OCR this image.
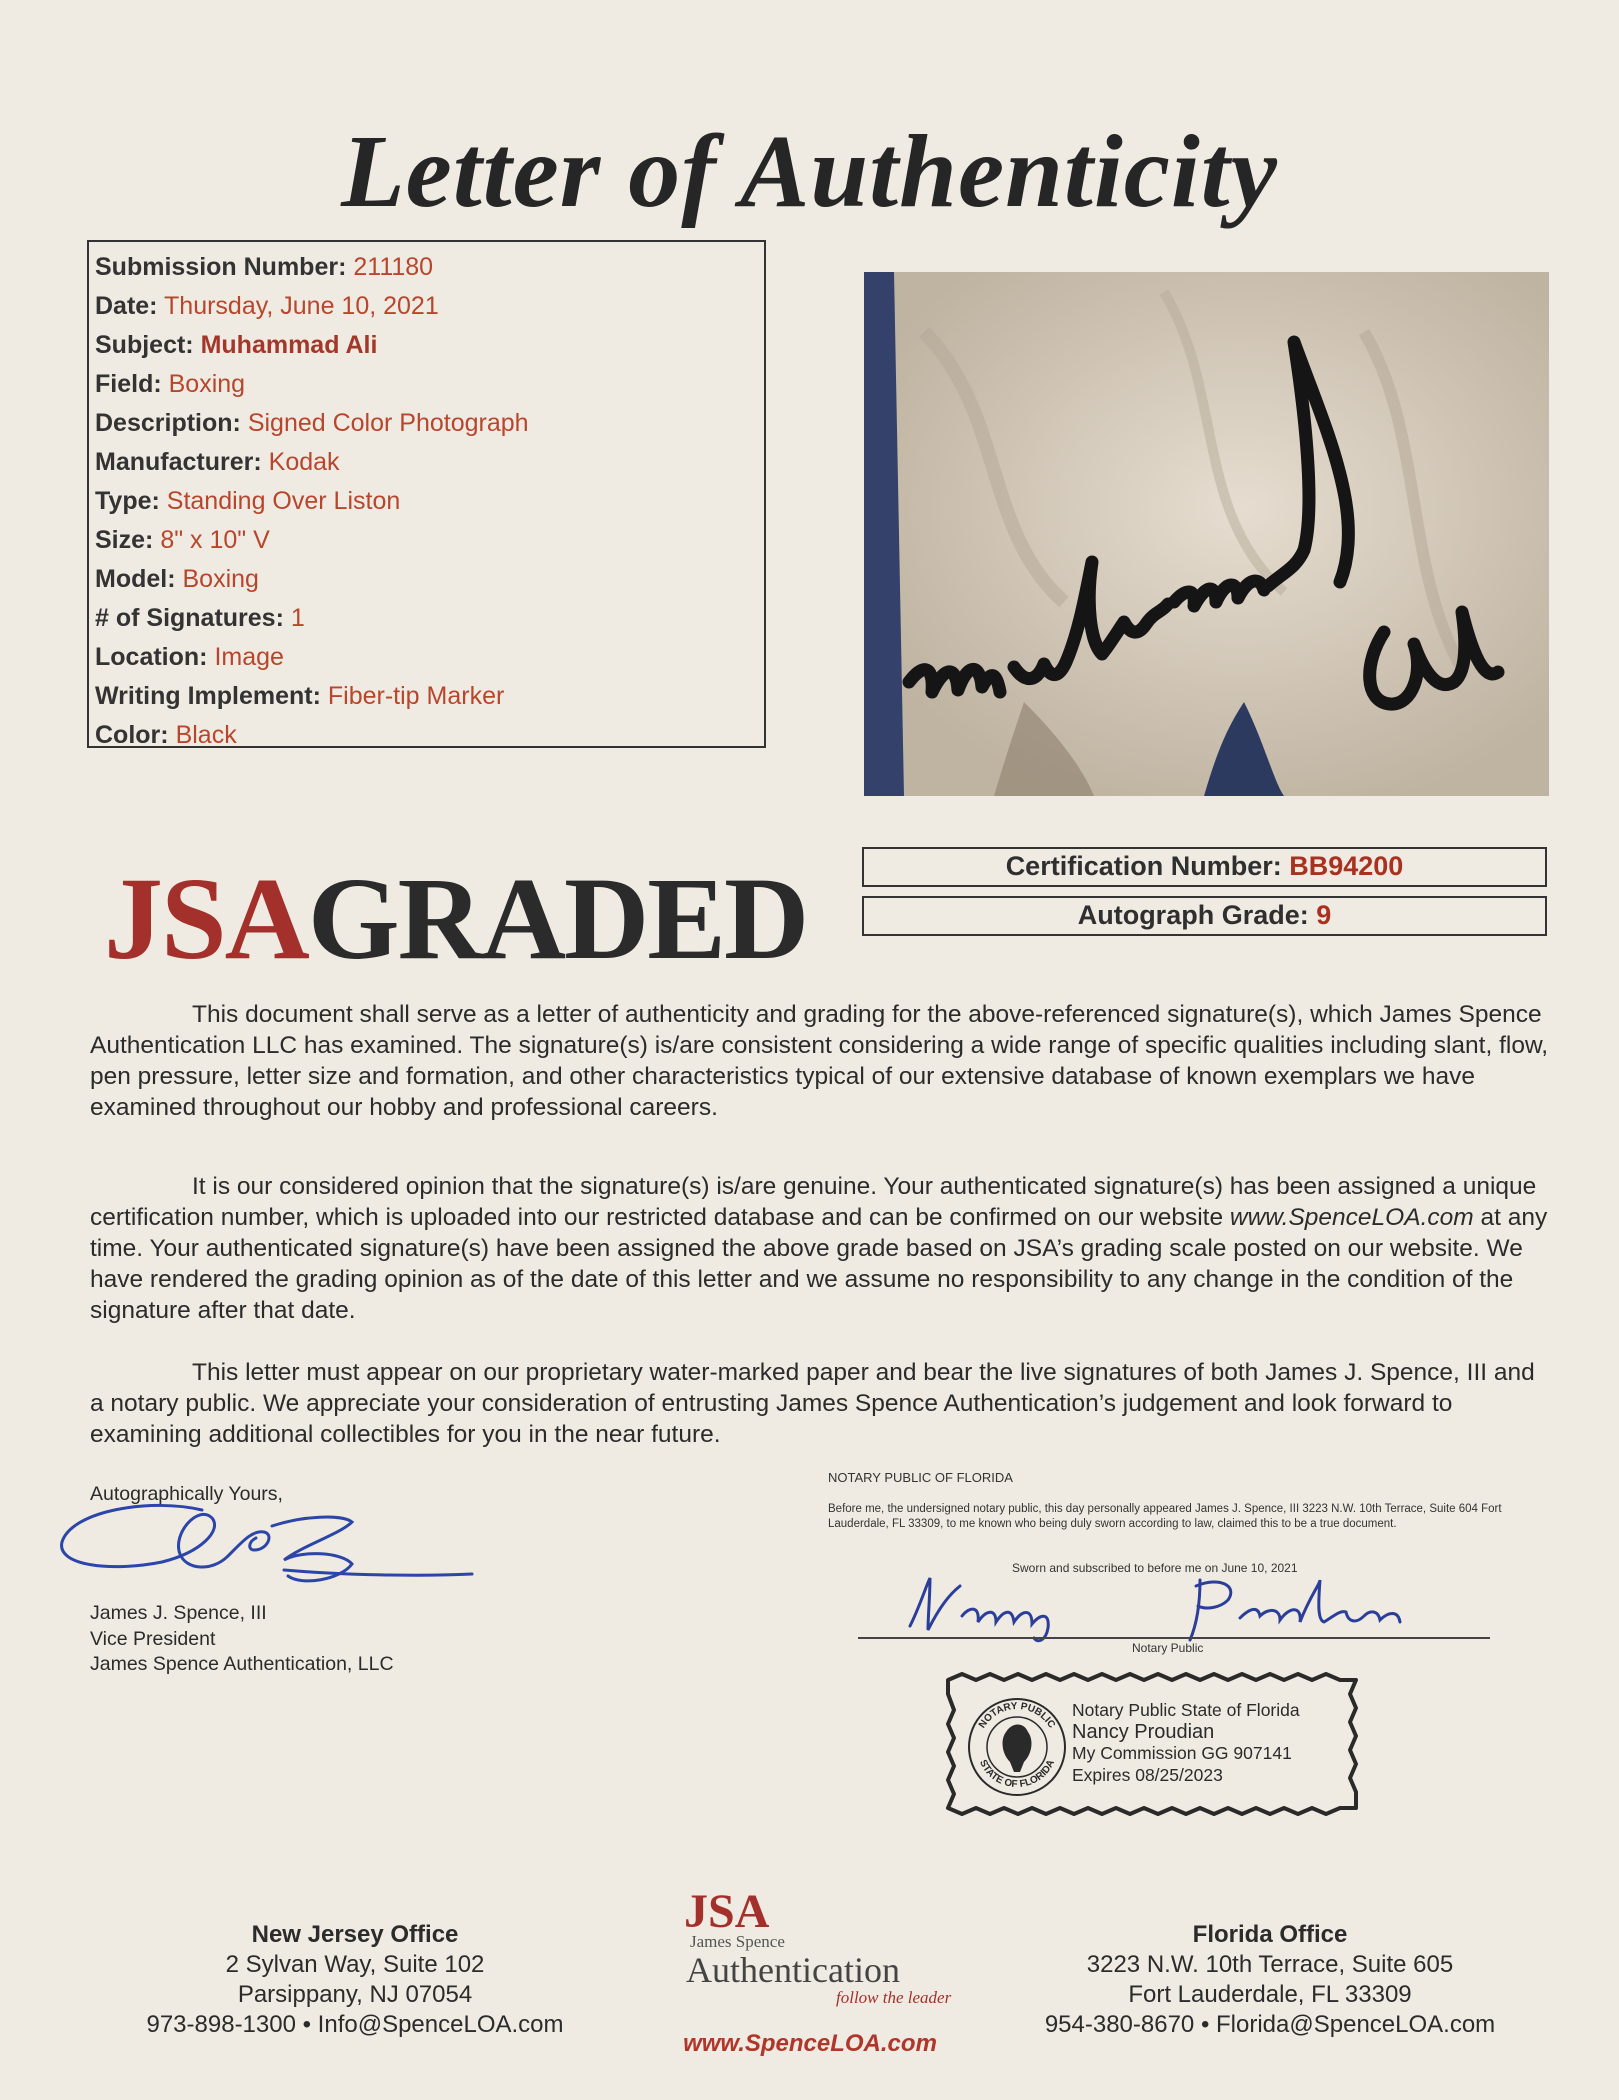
Letter of Authenticity
Submission Number: 211180
Date: Thursday, June 10, 2021
Subject: Muhammad Ali
Field: Boxing
Description: Signed Color Photograph
Manufacturer: Kodak
Type: Standing Over Liston
Size: 8" x 10" V
Model: Boxing
# of Signatures: 1
Location: Image
Writing Implement: Fiber-tip Marker
Color: Black
Certification Number: BB94200
Autograph Grade: 9
JSAGRADED
This document shall serve as a letter of authenticity and grading for the above-referenced signature(s), which James Spence Authentication LLC has examined. The signature(s) is/are consistent considering a wide range of specific qualities including slant, flow, pen pressure, letter size and formation, and other characteristics typical of our extensive database of known exemplars we have examined throughout our hobby and professional careers.
It is our considered opinion that the signature(s) is/are genuine. Your authenticated signature(s) has been assigned a unique certification number, which is uploaded into our restricted database and can be confirmed on our website www.SpenceLOA.com at any time. Your authenticated signature(s) have been assigned the above grade based on JSA’s grading scale posted on our website. We have rendered the grading opinion as of the date of this letter and we assume no responsibility to any change in the condition of the signature after that date.
This letter must appear on our proprietary water-marked paper and bear the live signatures of both James J. Spence, III and a notary public. We appreciate your consideration of entrusting James Spence Authentication’s judgement and look forward to examining additional collectibles for you in the near future.
Autographically Yours,
James J. Spence, III
Vice President
James Spence Authentication, LLC
NOTARY PUBLIC OF FLORIDA
Before me, the undersigned notary public, this day personally appeared James J. Spence, III 3223 N.W. 10th Terrace, Suite 604 Fort Lauderdale, FL 33309, to me known who being duly sworn according to law, claimed this to be a true document.
Sworn and subscribed to before me on June 10, 2021
Notary Public
NOTARY PUBLIC
STATE OF FLORIDA
Notary Public State of Florida
Nancy Proudian
My Commission GG 907141
Expires 08/25/2023
New Jersey Office
2 Sylvan Way, Suite 102
Parsippany, NJ 07054
973-898-1300 • Info@SpenceLOA.com
JSA
James Spence
Authentication
follow the leader
www.SpenceLOA.com
Florida Office
3223 N.W. 10th Terrace, Suite 605
Fort Lauderdale, FL 33309
954-380-8670 • Florida@SpenceLOA.com
